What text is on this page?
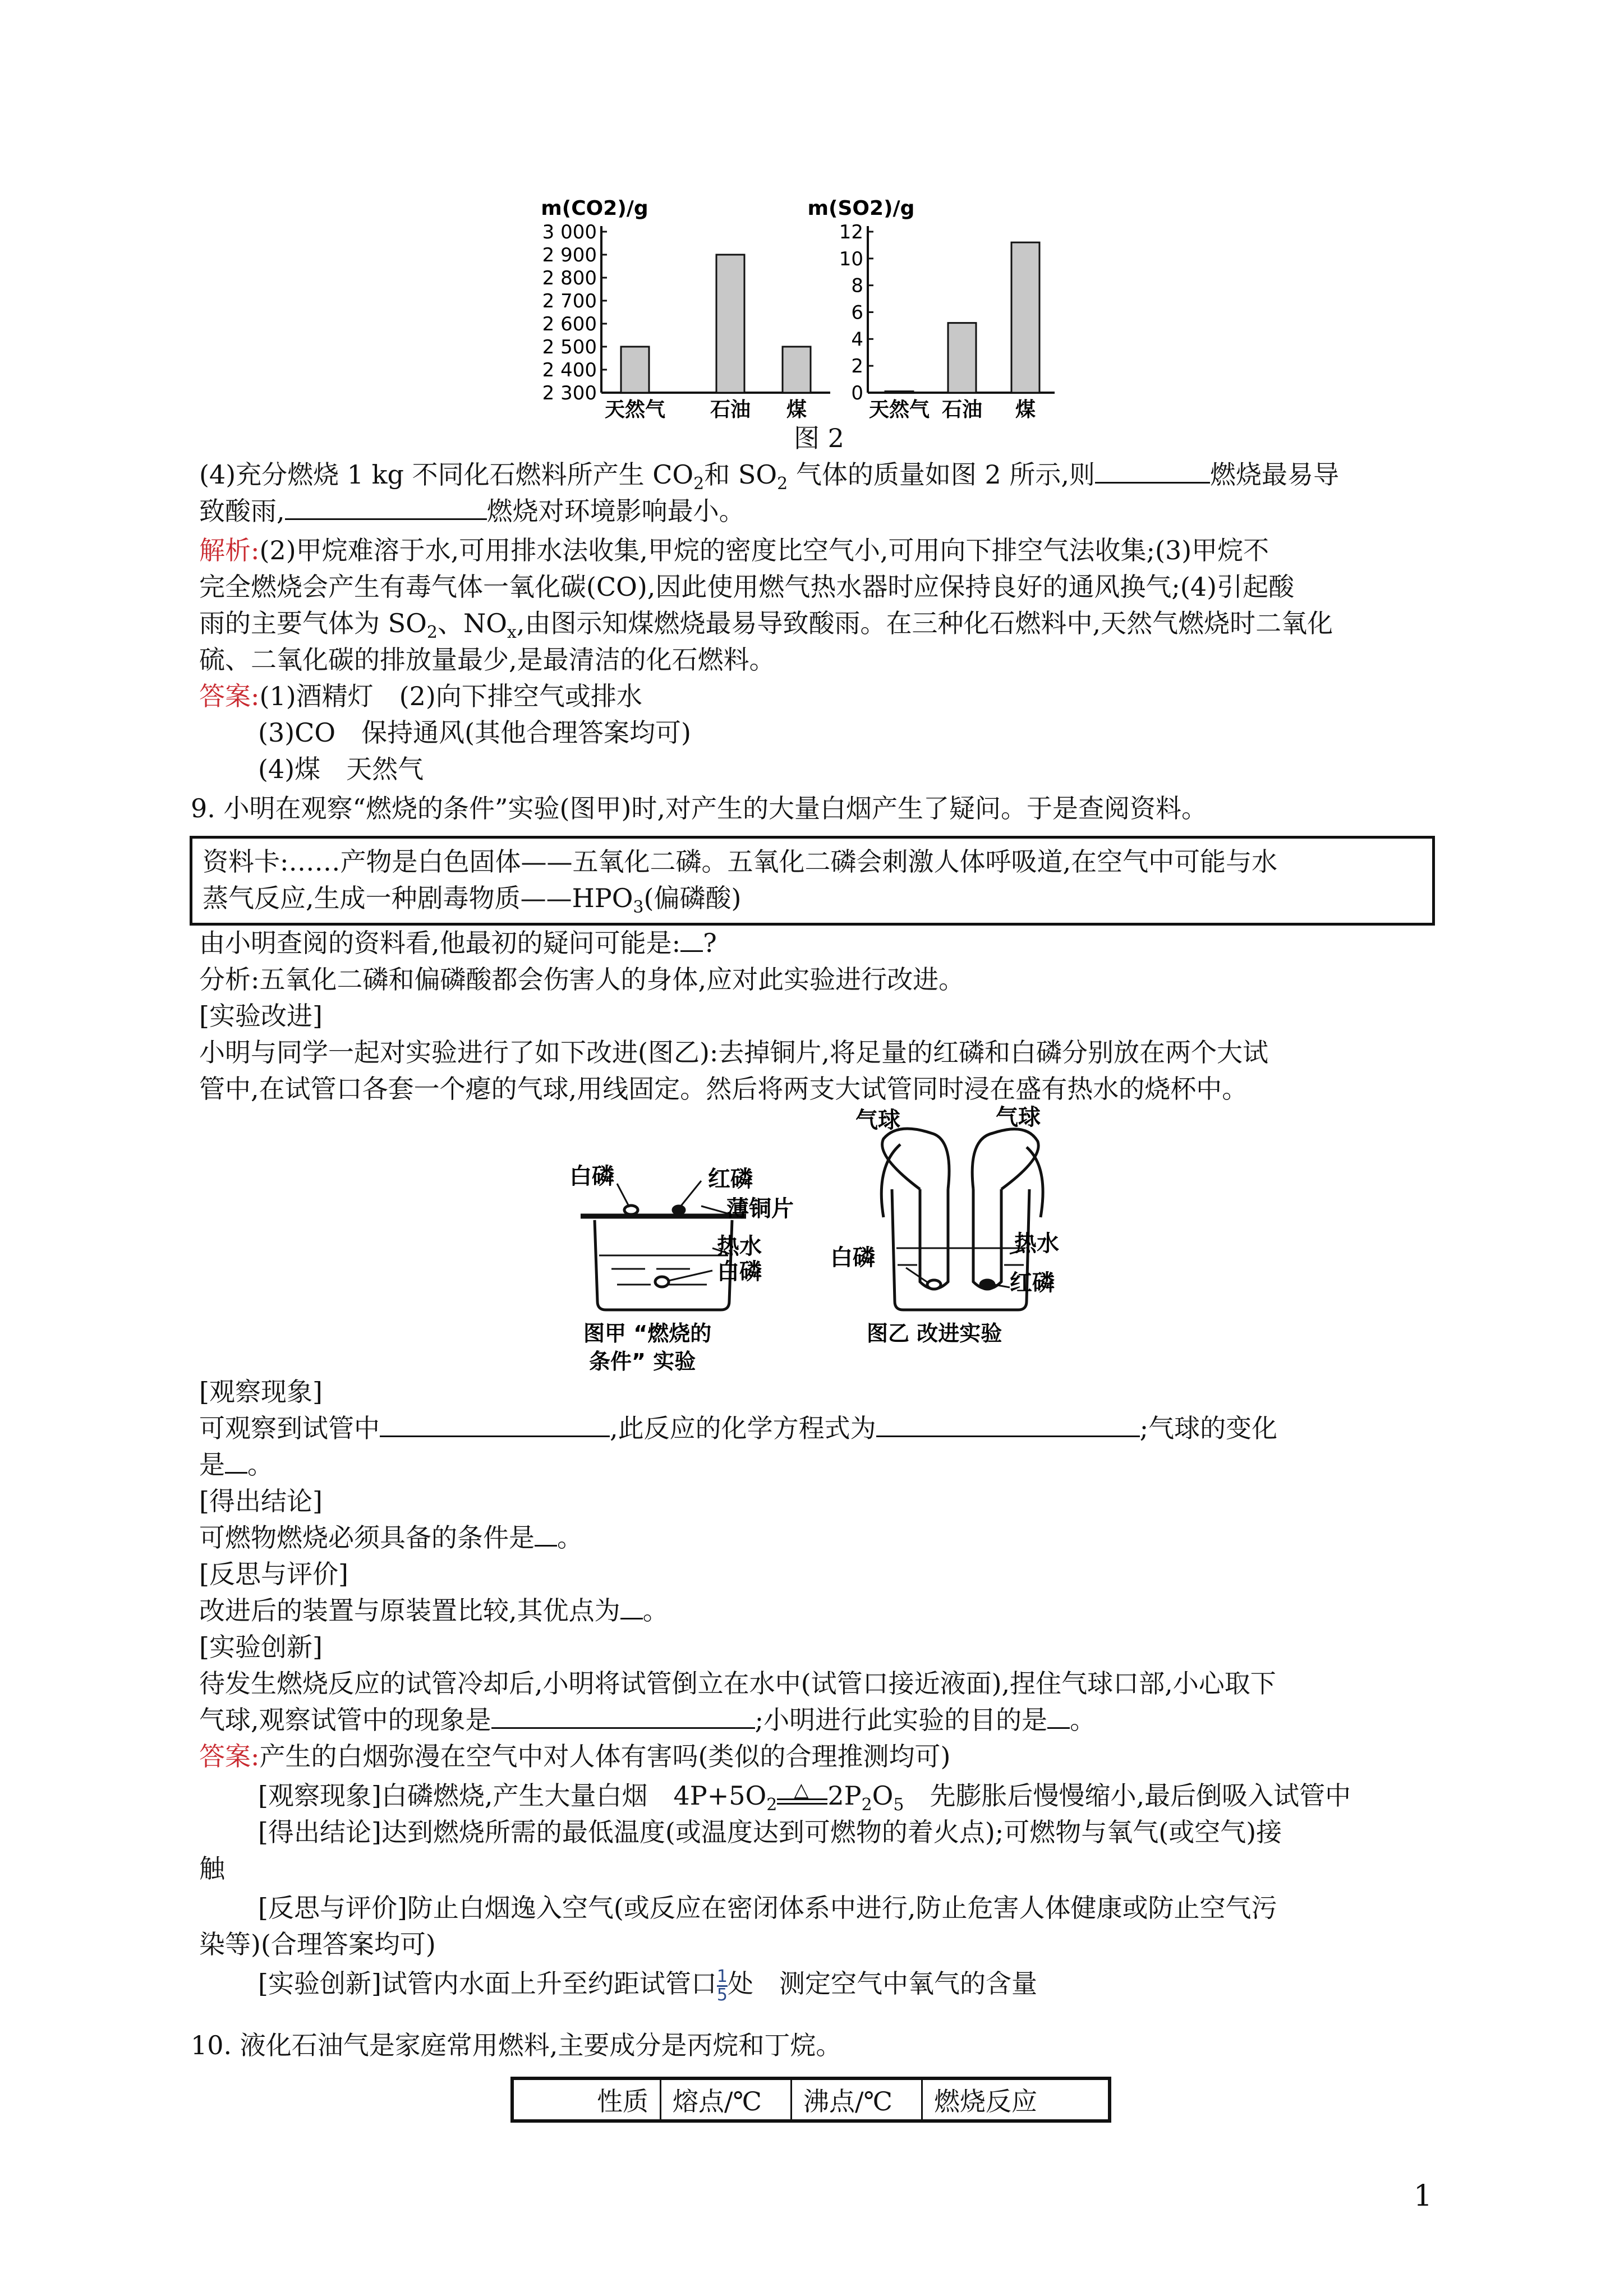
m(CO2)/g
2 300
2 400
2 500
2 600
2 700
2 800
2 900
3 000
天然气 石油 煤
m(SO2)/g
0
2
4
6
8
10
12
天然气 石油 煤
图 2
(4)充分燃烧 1 kg 不同化石燃料所产生 $CO_2$和 $SO_2$ 气体的质量如图 2 所示,则	燃烧最易导
致酸雨,	燃烧对环境影响最小。
解析:(2)甲烷难溶于水,可用排水法收集,甲烷的密度比空气小,可用向下排空气法收集;(3)甲烷不
完全燃烧会产生有毒气体一氧化碳(CO),因此使用燃气热水器时应保持良好的通风换气;(4)引起酸
雨的主要气体为 $SO_2$、$NO_x$,由图示知煤燃烧最易导致酸雨。在三种化石燃料中,天然气燃烧时二氧化
硫、二氧化碳的排放量最少,是最清洁的化石燃料。
答案:(1)酒精灯　(2)向下排空气或排水
(3)CO　保持通风(其他合理答案均可)
(4)煤　天然气
9. 小明在观察“燃烧的条件”实验(图甲)时,对产生的大量白烟产生了疑问。于是查阅资料。
资料卡:……产物是白色固体——五氧化二磷。五氧化二磷会刺激人体呼吸道,在空气中可能与水
蒸气反应,生成一种剧毒物质$——HPO_3$(偏磷酸)
由小明查阅的资料看,他最初的疑问可能是: ?
分析:五氧化二磷和偏磷酸都会伤害人的身体,应对此实验进行改进。
[实验改进]
小明与同学一起对实验进行了如下改进(图乙):去掉铜片,将足量的红磷和白磷分别放在两个大试
管中,在试管口各套一个瘪的气球,用线固定。然后将两支大试管同时浸在盛有热水的烧杯中。
白磷	红磷
薄铜片
热水
白磷
图甲 “燃烧的
条件” 实验
气球	气球
热水
白磷
红磷
图乙 改进实验
[观察现象]
可观察到试管中	,此反应的化学方程式为	;气球的变化
是 。
[得出结论]
可燃物燃烧必须具备的条件是 。
[反思与评价]
改进后的装置与原装置比较,其优点为 。
[实验创新]
待发生燃烧反应的试管冷却后,小明将试管倒立在水中(试管口接近液面),捏住气球口部,小心取下
气球,观察试管中的现象是	;小明进行此实验的目的是 。
答案:产生的白烟弥漫在空气中对人体有害吗(类似的合理推测均可)
[观察现象]白磷燃烧,产生大量白烟　$4P+5O_2$
△ $2P_2O_5$　先膨胀后慢慢缩小,最后倒吸入试管中
[得出结论]达到燃烧所需的最低温度(或温度达到可燃物的着火点);可燃物与氧气(或空气)接
触
[反思与评价]防止白烟逸入空气(或反应在密闭体系中进行,防止危害人体健康或防止空气污
染等)(合理答案均可)
[实验创新]试管内水面上升至约距试管口 $\frac{1}{5}$ 处　测定空气中氧气的含量
10. 液化石油气是家庭常用燃料,主要成分是丙烷和丁烷。
性质	熔点/℃	沸点/℃	燃烧反应
1
